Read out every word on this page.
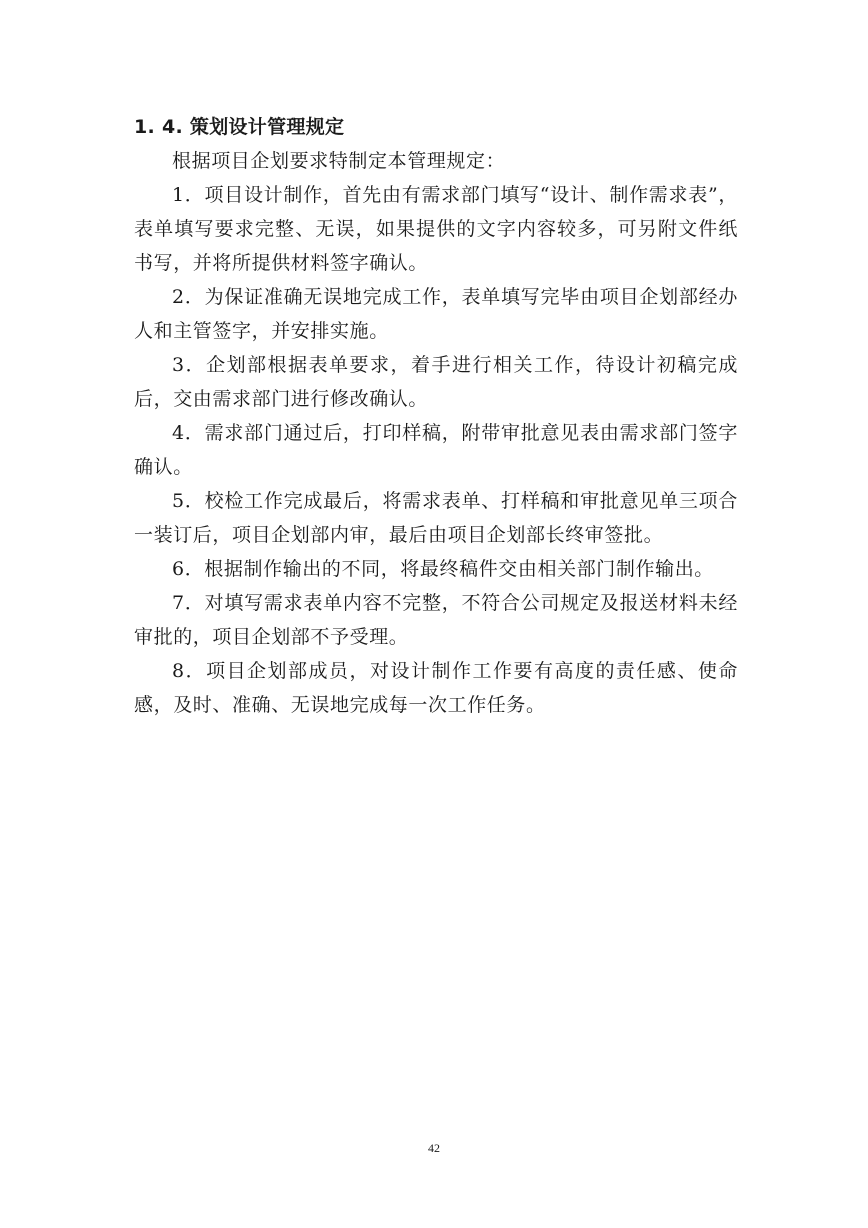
1. 4. 策划设计管理规定

根据项目企划要求特制定本管理规定：

1．项目设计制作，首先由有需求部门填写“设计、制作需求表”，表单填写要求完整、无误，如果提供的文字内容较多，可另附文件纸书写，并将所提供材料签字确认。

2．为保证准确无误地完成工作，表单填写完毕由项目企划部经办人和主管签字，并安排实施。

3．企划部根据表单要求，着手进行相关工作，待设计初稿完成后，交由需求部门进行修改确认。

4．需求部门通过后，打印样稿，附带审批意见表由需求部门签字确认。

5．校检工作完成最后，将需求表单、打样稿和审批意见单三项合一装订后，项目企划部内审，最后由项目企划部长终审签批。

6．根据制作输出的不同，将最终稿件交由相关部门制作输出。

7．对填写需求表单内容不完整，不符合公司规定及报送材料未经审批的，项目企划部不予受理。

8．项目企划部成员，对设计制作工作要有高度的责任感、使命感，及时、准确、无误地完成每一次工作任务。

42
